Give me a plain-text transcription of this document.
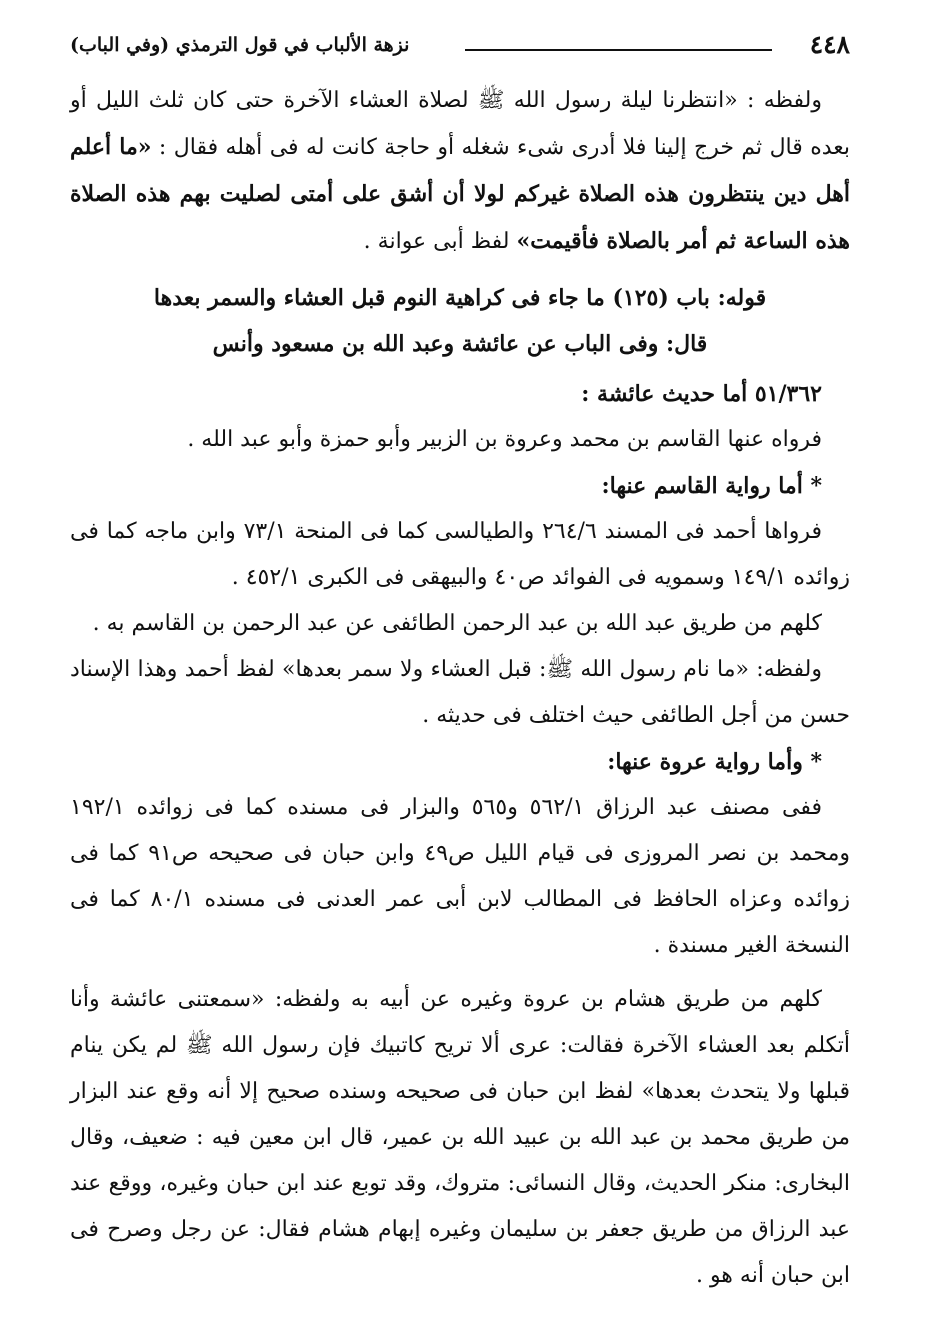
٤٤٨
نزهة الألباب في قول الترمذي (وفي الباب)

ولفظه : «انتظرنا ليلة رسول الله ﷺ لصلاة العشاء الآخرة حتى كان ثلث الليل أو بعده قال ثم خرج إلينا فلا أدرى شىء شغله أو حاجة كانت له فى أهله فقال : «ما أعلم أهل دين ينتظرون هذه الصلاة غيركم لولا أن أشق على أمتى لصليت بهم هذه الصلاة هذه الساعة ثم أمر بالصلاة فأقيمت» لفظ أبى عوانة .

قوله: باب (١٢٥) ما جاء فى كراهية النوم قبل العشاء والسمر بعدها

قال: وفى الباب عن عائشة وعبد الله بن مسعود وأنس

٥١/٣٦٢ أما حديث عائشة :

فرواه عنها القاسم بن محمد وعروة بن الزبير وأبو حمزة وأبو عبد الله .

* أما رواية القاسم عنها:

فرواها أحمد فى المسند ٢٦٤/٦ والطيالسى كما فى المنحة ٧٣/١ وابن ماجه كما فى زوائده ١٤٩/١ وسمويه فى الفوائد ص٤٠ والبيهقى فى الكبرى ٤٥٢/١ .

كلهم من طريق عبد الله بن عبد الرحمن الطائفى عن عبد الرحمن بن القاسم به .

ولفظه: «ما نام رسول الله ﷺ: قبل العشاء ولا سمر بعدها» لفظ أحمد وهذا الإسناد حسن من أجل الطائفى حيث اختلف فى حديثه .

* وأما رواية عروة عنها:

ففى مصنف عبد الرزاق ٥٦٢/١ و٥٦٥ والبزار فى مسنده كما فى زوائده ١٩٢/١ ومحمد بن نصر المروزى فى قيام الليل ص٤٩ وابن حبان فى صحيحه ص٩١ كما فى زوائده وعزاه الحافظ فى المطالب لابن أبى عمر العدنى فى مسنده ٨٠/١ كما فى النسخة الغير مسندة .

كلهم من طريق هشام بن عروة وغيره عن أبيه به ولفظه: «سمعتنى عائشة وأنا أتكلم بعد العشاء الآخرة فقالت: عرى ألا تريح كاتبيك فإن رسول الله ﷺ لم يكن ينام قبلها ولا يتحدث بعدها» لفظ ابن حبان فى صحيحه وسنده صحيح إلا أنه وقع عند البزار من طريق محمد بن عبد الله بن عبيد الله بن عمير، قال ابن معين فيه : ضعيف، وقال البخارى: منكر الحديث، وقال النسائى: متروك، وقد توبع عند ابن حبان وغيره، ووقع عند عبد الرزاق من طريق جعفر بن سليمان وغيره إبهام هشام فقال: عن رجل وصرح فى ابن حبان أنه هو .
